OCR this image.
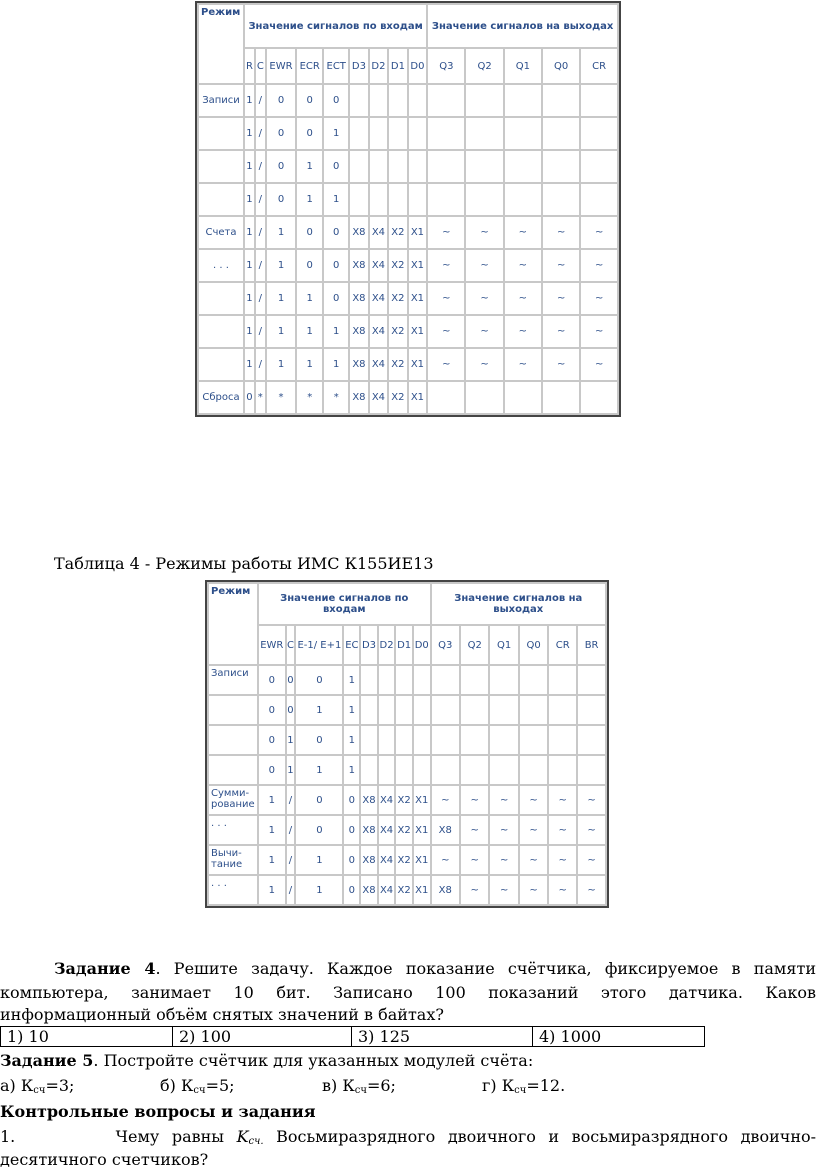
Режим	Значение сигналов по входам									Значение сигналов на выходах				
	R	C	EWR	ECR	ECT	D3	D2	D1	D0	Q3	Q2	Q1	Q0	CR
Записи	1	/	0	0	0									
	1	/	0	0	1									
	1	/	0	1	0									
	1	/	0	1	1									
Счета	1	/	1	0	0	X8	X4	X2	X1	~	~	~	~	~
. . .	1	/	1	0	0	X8	X4	X2	X1	~	~	~	~	~
	1	/	1	1	0	X8	X4	X2	X1	~	~	~	~	~
	1	/	1	1	1	X8	X4	X2	X1	~	~	~	~	~
	1	/	1	1	1	X8	X4	X2	X1	~	~	~	~	~
Сброса	0	*	*	*	*	X8	X4	X2	X1					
Таблица 4 - Режимы работы ИМС К155ИЕ13
Режим	Значение сигналов по входам								Значение сигналов на выходах					
	EWR	C	E-1/ E+1	EC	D3	D2	D1	D0	Q3	Q2	Q1	Q0	CR	BR
Записи	0	0	0	1										
	0	0	1	1										
	0	1	0	1										
	0	1	1	1										
Сумми-рование	1	/	0	0	X8	X4	X2	X1	~	~	~	~	~	~
. . .	1	/	0	0	X8	X4	X2	X1	X8	~	~	~	~	~
Вычи-тание	1	/	1	0	X8	X4	X2	X1	~	~	~	~	~	~
. . .	1	/	1	0	X8	X4	X2	X1	X8	~	~	~	~	~
Задание 4. Решите задачу. Каждое показание счётчика, фиксируемое в памяти
компьютера, занимает 10 бит. Записано 100 показаний этого датчика. Каков
информационный объём снятых значений в байтах?
1) 10	2) 100	3) 125	4) 1000
Задание 5. Постройте счётчик для указанных модулей счёта:
а) $К_{сч}=3$;	б) $К_{сч}=5$;	в) $К_{сч}=6$;	г) $К_{сч}=12$.
Контрольные вопросы и задания
1.	Чему равны $K_{сч.}$ Восьмиразрядного двоичного и восьмиразрядного двоично-
десятичного счетчиков?
